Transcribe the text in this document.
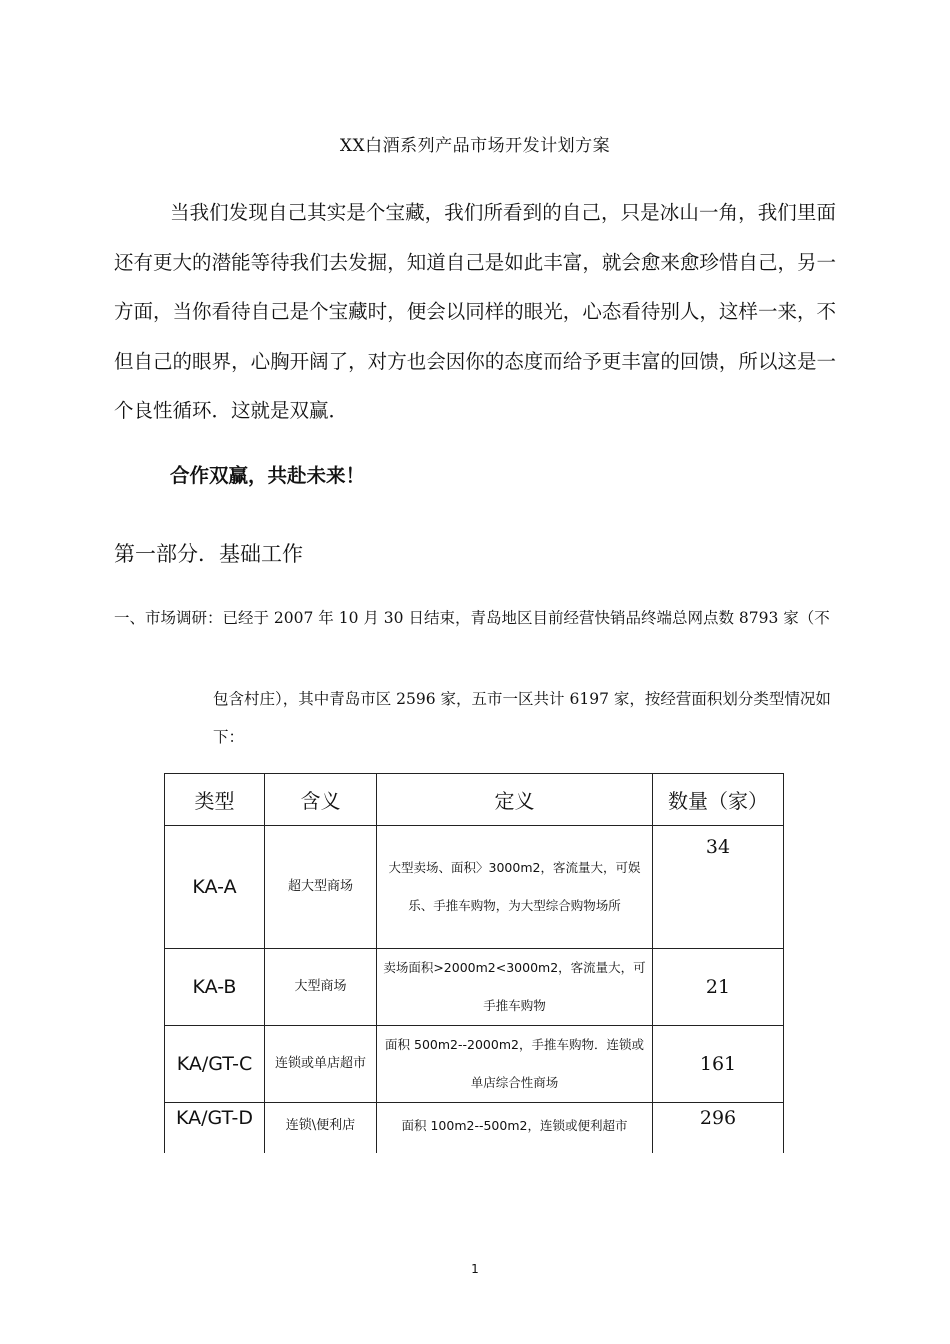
XX白酒系列产品市场开发计划方案
当我们发现自己其实是个宝藏，我们所看到的自己，只是冰山一角，我们里面还有更大的潜能等待我们去发掘，知道自己是如此丰富，就会愈来愈珍惜自己，另一方面，当你看待自己是个宝藏时，便会以同样的眼光，心态看待别人，这样一来，不但自己的眼界，心胸开阔了，对方也会因你的态度而给予更丰富的回馈，所以这是一个良性循环．这就是双赢．
合作双赢，共赴未来！
第一部分．基础工作
一、市场调研：已经于 2007 年 10 月 30 日结束，青岛地区目前经营快销品终端总网点数 8793 家（不
包含村庄），其中青岛市区 2596 家，五市一区共计 6197 家，按经营面积划分类型情况如下：
类型	含义	定义	数量（家）
KA-A	超大型商场	大型卖场、面积〉3000m2，客流量大，可娱乐、手推车购物，为大型综合购物场所	34
KA-B	大型商场	卖场面积>2000m2<3000m2，客流量大，可手推车购物	21
KA/GT-C	连锁或单店超市	面积 500m2--2000m2，手推车购物．连锁或单店综合性商场	161
KA/GT-D	连锁\便利店	面积 100m2--500m2，连锁或便利超市	296
1
